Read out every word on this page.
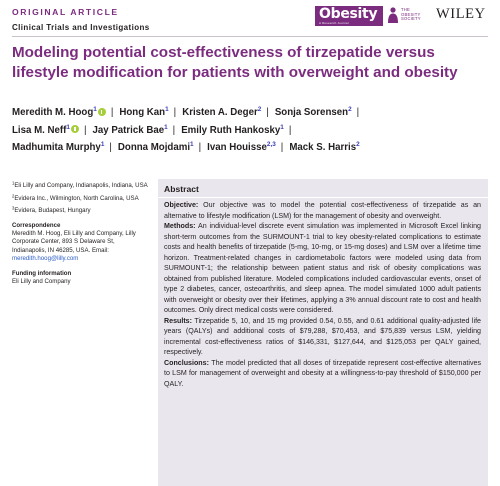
ORIGINAL ARTICLE
Clinical Trials and Investigations
Obesity
A Research Journal
THE
OBESITY
SOCIETY WILEY
Modeling potential cost-effectiveness of tirzepatide versus lifestyle modification for patients with overweight and obesity
Meredith M. Hoog$^1$ | Hong Kan$^1$ | Kristen A. Deger$^2$ | Sonja Sorensen$^2$ |
Lisa M. Neff$^1$ | Jay Patrick Bae$^1$ | Emily Ruth Hankosky$^1$ |
Madhumita Murphy$^1$ | Donna Mojdami$^1$ | Ivan Houisse$^{2,3}$ | Mack S. Harris$^2$
$^1$Eli Lilly and Company, Indianapolis, Indiana, USA
$^2$Evidera Inc., Wilmington, North Carolina, USA
$^3$Evidera, Budapest, Hungary
Correspondence
Meredith M. Hoog, Eli Lilly and Company, Lilly Corporate Center, 893 S Delaware St, Indianapolis, IN 46285, USA. Email: meredith.hoog@lilly.com
Funding information
Eli Lilly and Company
Abstract

Objective: Our objective was to model the potential cost-effectiveness of tirzepatide as an alternative to lifestyle modification (LSM) for the management of obesity and overweight.

Methods: An individual-level discrete event simulation was implemented in Microsoft Excel linking short-term outcomes from the SURMOUNT-1 trial to key obesity-related complications to estimate costs and health benefits of tirzepatide (5-mg, 10-mg, or 15-mg doses) and LSM over a lifetime time horizon. Treatment-related changes in cardiometabolic factors were modeled using data from SURMOUNT-1; the relationship between patient status and risk of obesity complications was obtained from published literature. Modeled complications included cardiovascular events, onset of type 2 diabetes, cancer, osteoarthritis, and sleep apnea. The model simulated 1000 adult patients with overweight or obesity over their lifetimes, applying a 3% annual discount rate to cost and health outcomes. Only direct medical costs were considered.

Results: Tirzepatide 5, 10, and 15 mg provided 0.54, 0.55, and 0.61 additional quality-adjusted life years (QALYs) and additional costs of $79,288, $70,453, and $75,839 versus LSM, yielding incremental cost-effectiveness ratios of $146,331, $127,644, and $125,053 per QALY gained, respectively.

Conclusions: The model predicted that all doses of tirzepatide represent cost-effective alternatives to LSM for management of overweight and obesity at a willingness-to-pay threshold of $150,000 per QALY.
